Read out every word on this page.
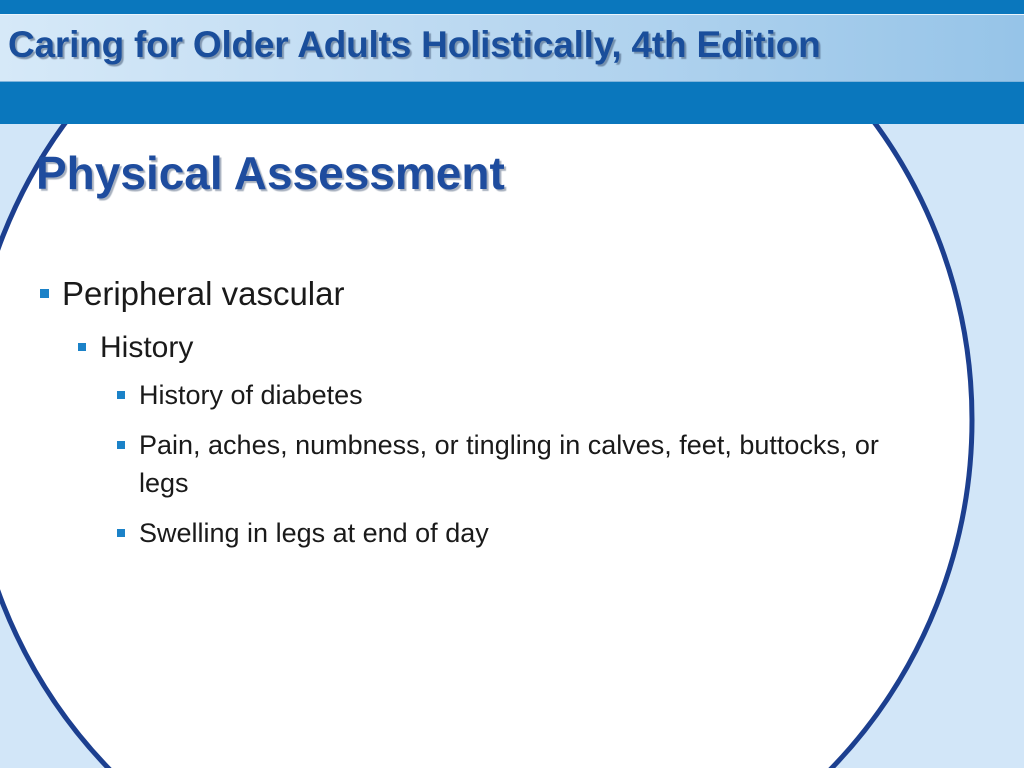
Caring for Older Adults Holistically, 4th Edition
Physical Assessment
Peripheral vascular
History
History of diabetes
Pain, aches, numbness, or tingling in calves, feet, buttocks, or legs
Swelling in legs at end of day
